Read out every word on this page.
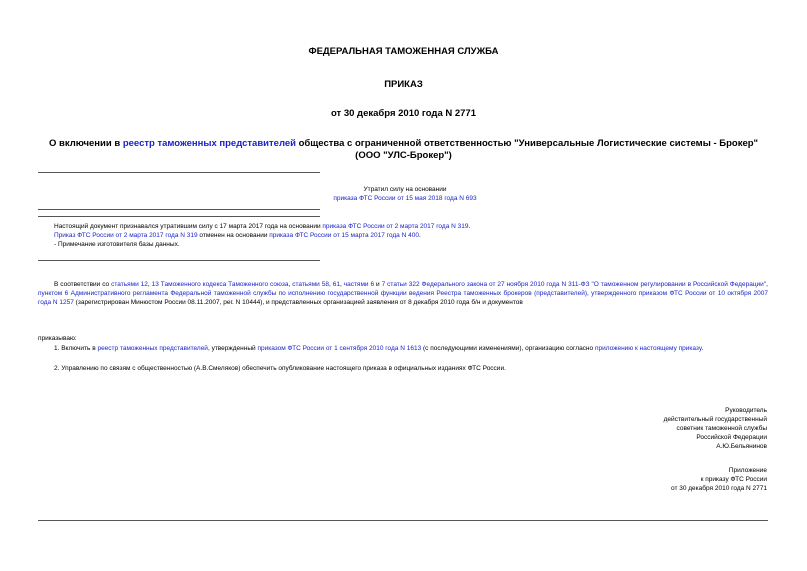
ФЕДЕРАЛЬНАЯ ТАМОЖЕННАЯ СЛУЖБА
ПРИКАЗ
от 30 декабря 2010 года N 2771
О включении в реестр таможенных представителей общества с ограниченной ответственностью "Универсальные Логистические системы - Брокер" (ООО "УЛС-Брокер")
Утратил силу на основании
приказа ФТС России от 15 мая 2018 года N 693
Настоящий документ признавался утратившим силу с 17 марта 2017 года на основании приказа ФТС России от 2 марта 2017 года N 319.
Приказ ФТС России от 2 марта 2017 года N 319 отменен на основании приказа ФТС России от 15 марта 2017 года N 400.
- Примечание изготовителя базы данных.
В соответствии со статьями 12, 13 Таможенного кодекса Таможенного союза, статьями 58, 61, частями 6 и 7 статьи 322 Федерального закона от 27 ноября 2010 года N 311-ФЗ "О таможенном регулировании в Российской Федерации", пунктом 6 Административного регламента Федеральной таможенной службы по исполнению государственной функции ведения Реестра таможенных брокеров (представителей), утвержденного приказом ФТС России от 10 октября 2007 года N 1257 (зарегистрирован Минюстом России 08.11.2007, рег. N 10444), и представленных организацией заявления от 8 декабря 2010 года б/н и документов
приказываю:
1. Включить в реестр таможенных представителей, утвержденный приказом ФТС России от 1 сентября 2010 года N 1613 (с последующими изменениями), организацию согласно приложению к настоящему приказу.
2. Управлению по связям с общественностью (А.В.Смеляков) обеспечить опубликование настоящего приказа в официальных изданиях ФТС России.
Руководитель
действительный государственный
советник таможенной службы
Российской Федерации
А.Ю.Бельянинов
Приложение
к приказу ФТС России
от 30 декабря 2010 года N 2771
